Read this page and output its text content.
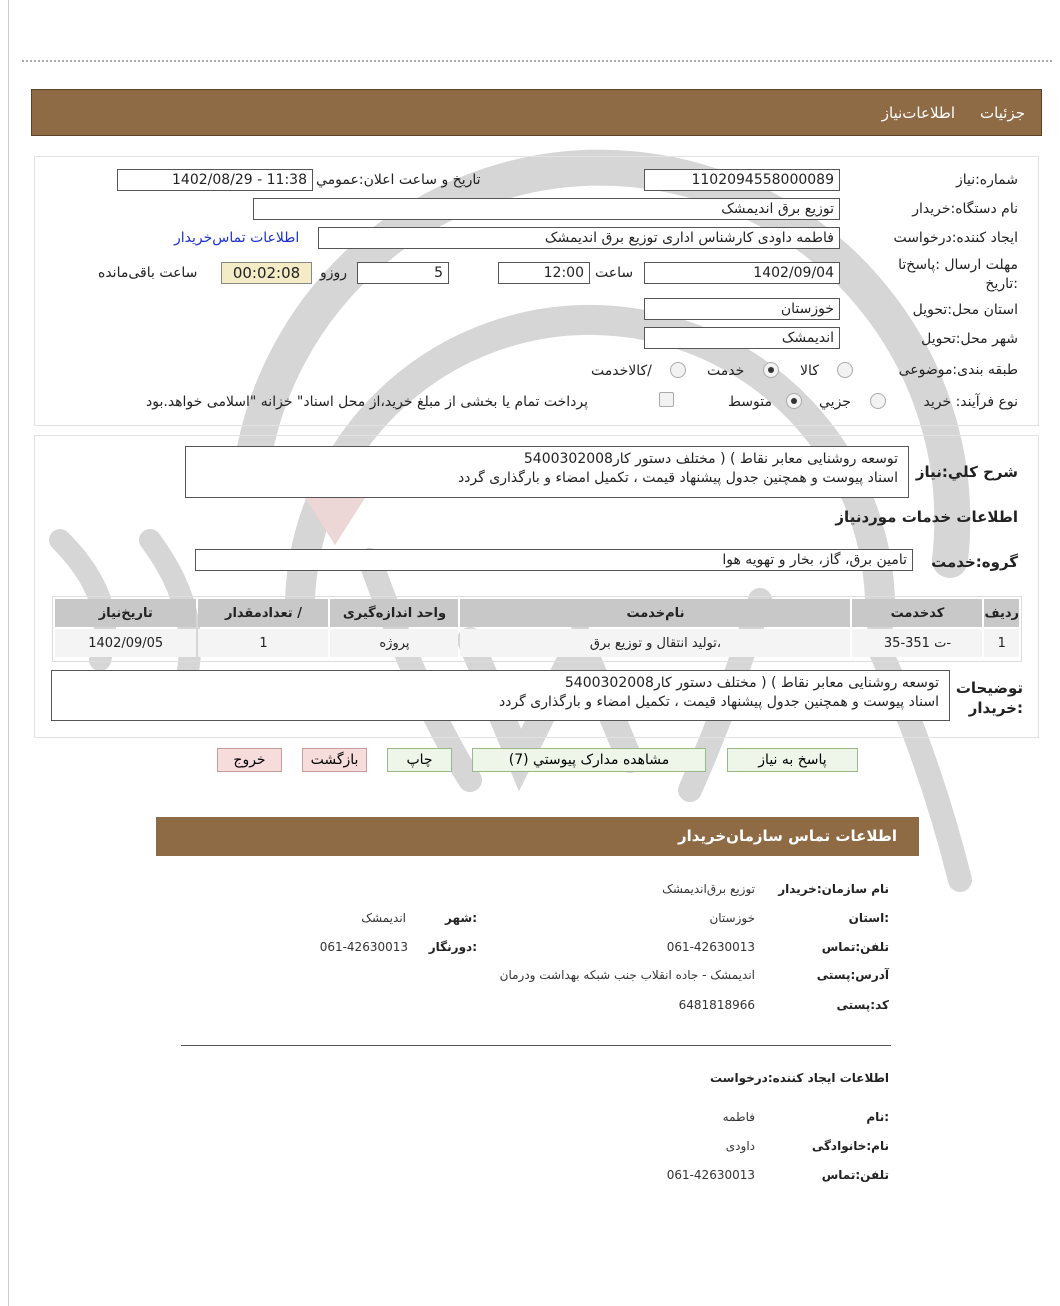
جزئیات
اطلاعات‌نیاز
شماره:نیاز
1102094558000089
تاریخ و ساعت اعلان:عمومي
1402/08/29 - 11:38
نام دستگاه:خریدار
توزیع برق اندیمشک
ایجاد کننده:درخواست
فاطمه داودی کارشناس اداری توزیع برق اندیمشک
اطلاعات تماس‌خریدار
مهلت ارسال :پاسخ‌تا
:تاریخ
1402/09/04
ساعت
12:00
5
روزو
00:02:08
ساعت باقی‌مانده
استان محل:تحویل
خوزستان
شهر محل:تحویل
اندیمشک
طبقه بندی:موضوعی
کالا
خدمت
/کالاخدمت
نوع فرآیند: خرید
جزيي
متوسط
پرداخت تمام یا بخشی از مبلغ خرید،از محل اسناد" خزانه "اسلامی خواهد.بود
شرح کلي:نیاز
توسعه روشنایی معابر نقاط ) ( مختلف دستور کار5400302008
اسناد پیوست و همچنین جدول پیشنهاد قیمت ، تکمیل امضاء و بارگذاری گردد
اطلاعات خدمات موردنیاز
گروه:خدمت
تامین برق، گاز، بخار و تهویه هوا
ردیف	کدخدمت	نام‌خدمت	واحد اندازه‌گیری	/ تعدادمقدار	تاریخ‌نیاز
1	ت 351-35-	،تولید انتقال و توزیع برق	پروژه	1	1402/09/05
توضیحات
:خریدار
توسعه روشنایی معابر نقاط ) ( مختلف دستور کار5400302008
اسناد پیوست و همچنین جدول پیشنهاد قیمت ، تکمیل امضاء و بارگذاری گردد
پاسخ به نیاز
مشاهده مدارک پیوستي (7)
چاپ
بازگشت
خروج
اطلاعات تماس سازمان‌خریدار
نام سازمان:خریدار
توزیع برق‌اندیمشک
:استان
خوزستان
:شهر
اندیمشک
تلفن:تماس
061-42630013
:دورنگار
061-42630013
آدرس:پستی
اندیمشک - جاده انقلاب جنب شبکه بهداشت ودرمان
کد:پستی
6481818966
اطلاعات ایجاد کننده:درخواست
:نام
فاطمه
نام:خانوادگی
داودی
تلفن:تماس
061-42630013
